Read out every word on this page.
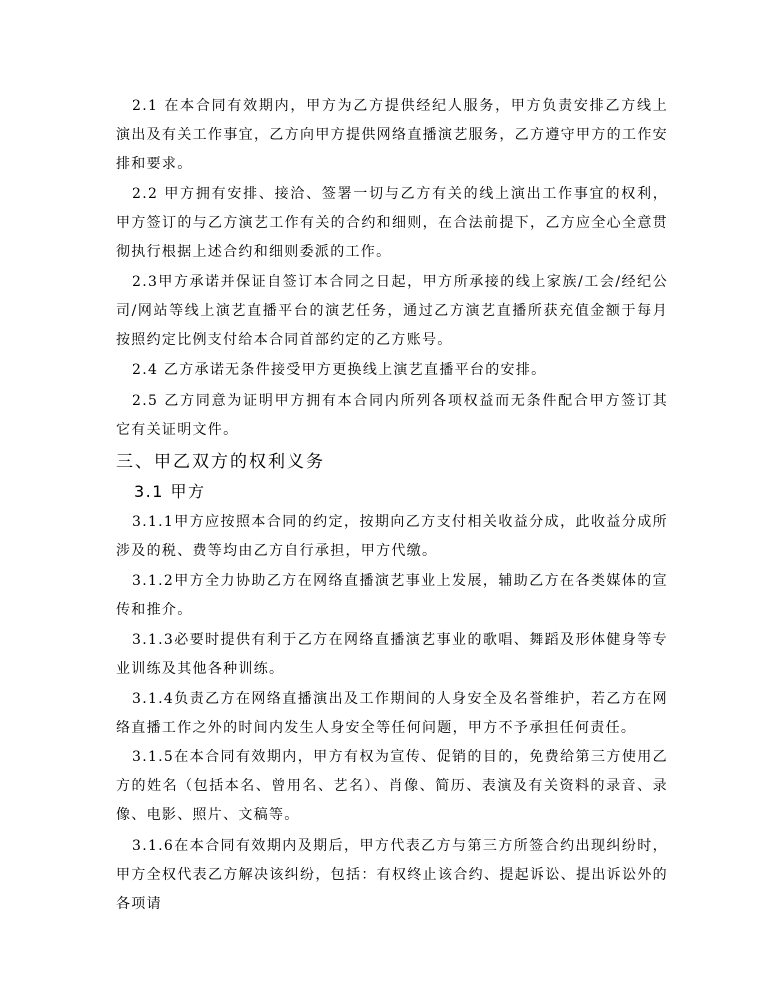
2.1 在本合同有效期内，甲方为乙方提供经纪人服务，甲方负责安排乙方线上演出及有关工作事宜，乙方向甲方提供网络直播演艺服务，乙方遵守甲方的工作安排和要求。

2.2 甲方拥有安排、接洽、签署一切与乙方有关的线上演出工作事宜的权利，甲方签订的与乙方演艺工作有关的合约和细则，在合法前提下，乙方应全心全意贯彻执行根据上述合约和细则委派的工作。

2.3甲方承诺并保证自签订本合同之日起，甲方所承接的线上家族/工会/经纪公司/网站等线上演艺直播平台的演艺任务，通过乙方演艺直播所获充值金额于每月按照约定比例支付给本合同首部约定的乙方账号。

2.4 乙方承诺无条件接受甲方更换线上演艺直播平台的安排。

2.5 乙方同意为证明甲方拥有本合同内所列各项权益而无条件配合甲方签订其它有关证明文件。

三、甲乙双方的权利义务
3.1 甲方

3.1.1甲方应按照本合同的约定，按期向乙方支付相关收益分成，此收益分成所涉及的税、费等均由乙方自行承担，甲方代缴。

3.1.2甲方全力协助乙方在网络直播演艺事业上发展，辅助乙方在各类媒体的宣传和推介。

3.1.3必要时提供有利于乙方在网络直播演艺事业的歌唱、舞蹈及形体健身等专业训练及其他各种训练。

3.1.4负责乙方在网络直播演出及工作期间的人身安全及名誉维护，若乙方在网络直播工作之外的时间内发生人身安全等任何问题，甲方不予承担任何责任。

3.1.5在本合同有效期内，甲方有权为宣传、促销的目的，免费给第三方使用乙方的姓名（包括本名、曾用名、艺名）、肖像、简历、表演及有关资料的录音、录像、电影、照片、文稿等。

3.1.6在本合同有效期内及期后，甲方代表乙方与第三方所签合约出现纠纷时，甲方全权代表乙方解决该纠纷，包括：有权终止该合约、提起诉讼、提出诉讼外的各项请
